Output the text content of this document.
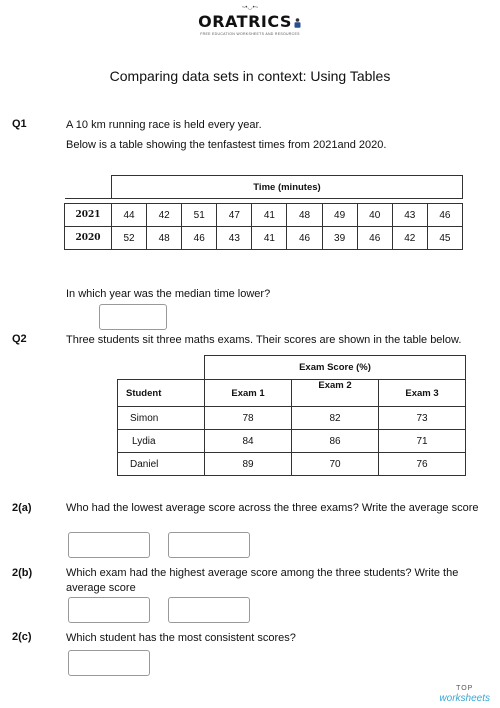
~•◡•~
ORATRICS
FREE EDUCATION WORKSHEETS AND RESOURCES
Comparing data sets in context: Using Tables
Q1	A 10 km running race is held every year.
Below is a table showing the tenfastest times from 2021and 2020.
	Time (minutes)									

2021	44	42	51	47	41	48	49	40	43	46
2020	52	48	46	43	41	46	39	46	42	45
In which year was the median time lower?
Q2	Three students sit three maths exams. Their scores are shown in the table below.
	Exam Score (%)		
Student	Exam 1	Exam 2	Exam 3
Simon	78	82	73
Lydia	84	86	71
Daniel	89	70	76
2(a)	Who had the lowest average score across the three exams? Write the average score
2(b)	Which exam had the highest average score among the three students? Write the average score
2(c)	Which student has the most consistent scores?
TOP
worksheets
